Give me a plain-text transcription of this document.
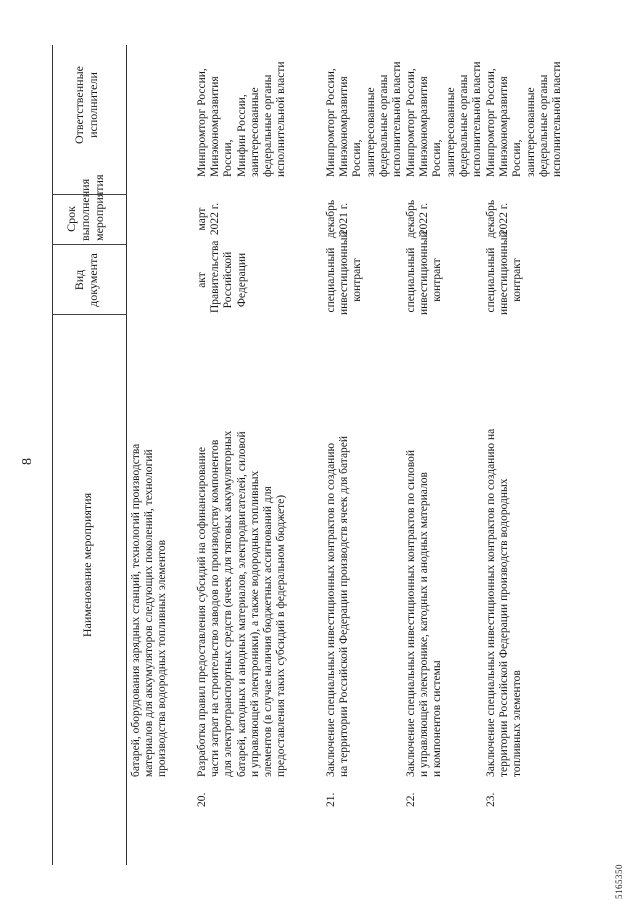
8
Наименование мероприятия
Вид документа
Срок выполнения мероприятия
Ответственные исполнители
батарей, оборудования зарядных станций, технологий производства материалов для аккумуляторов следующих поколений, технологий производства водородных топливных элементов
20.
Разработка правил предоставления субсидий на софинансирование части затрат на строительство заводов по производству компонентов для электротранспортных средств (ячеек для тяговых аккумуляторных батарей, катодных и анодных материалов, электродвигателей, силовой и управляющей электроники), а также водородных топливных элементов (в случае наличия бюджетных ассигнований для предоставления таких субсидий в федеральном бюджете)
акт Правительства Российской Федерации
март 2022 г.
Минпромторг России, Минэкономразвития России, Минфин России, заинтересованные федеральные органы исполнительной власти
21.
Заключение специальных инвестиционных контрактов по созданию на территории Российской Федерации производств ячеек для батарей
специальный инвестиционный контракт
декабрь 2021 г.
Минпромторг России, Минэкономразвития России, заинтересованные федеральные органы исполнительной власти
22.
Заключение специальных инвестиционных контрактов по силовой и управляющей электронике, катодных и анодных материалов и компонентов системы
специальный инвестиционный контракт
декабрь 2022 г.
Минпромторг России, Минэкономразвития России, заинтересованные федеральные органы исполнительной власти
23.
Заключение специальных инвестиционных контрактов по созданию на территории Российской Федерации производств водородных топливных элементов
специальный инвестиционный контракт
декабрь 2022 г.
Минпромторг России, Минэкономразвития России, заинтересованные федеральные органы исполнительной власти
5165350
